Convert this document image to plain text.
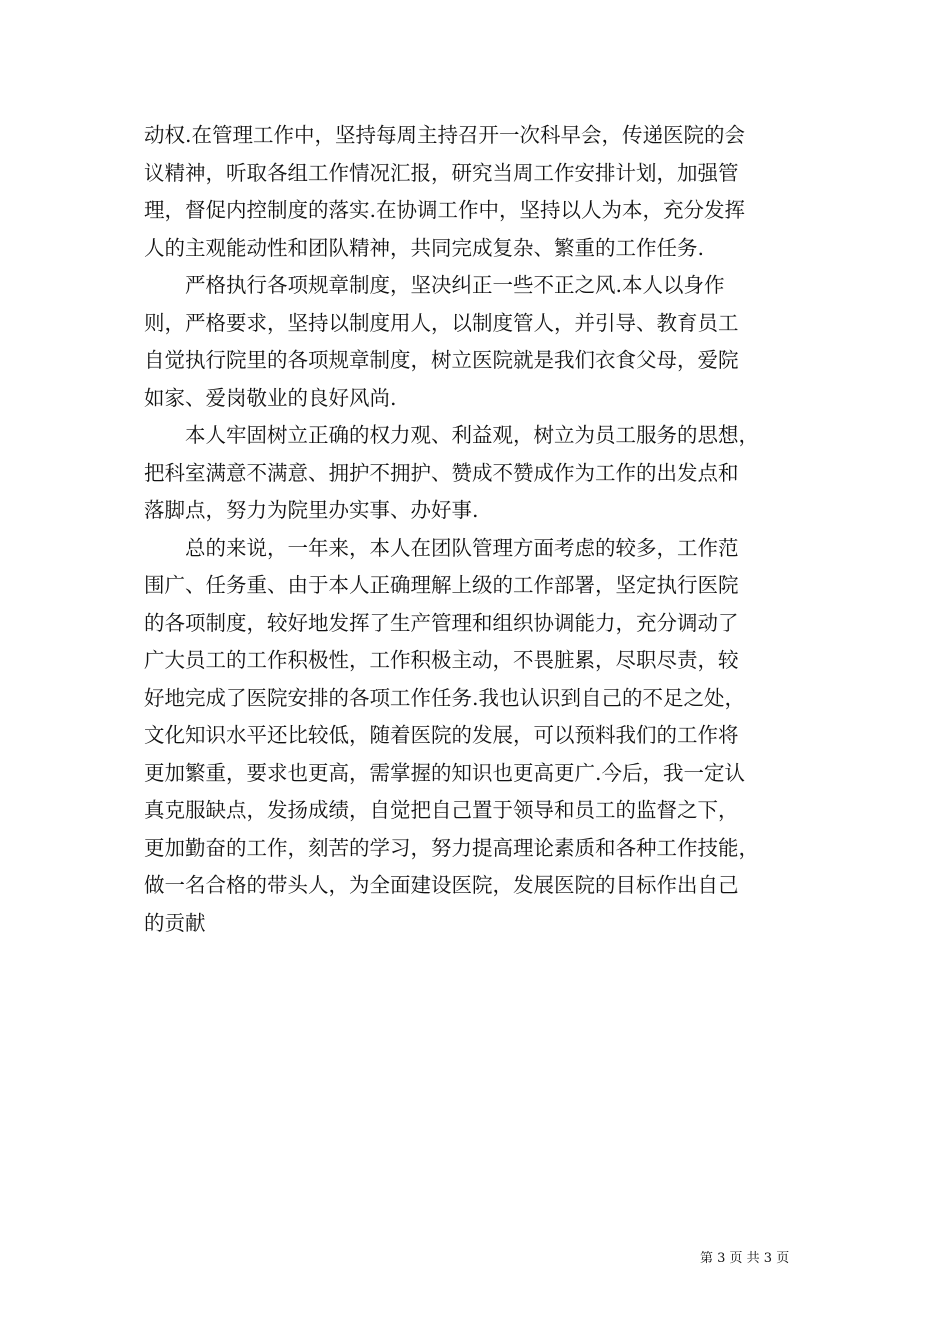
动权.在管理工作中，坚持每周主持召开一次科早会，传递医院的会
议精神，听取各组工作情况汇报，研究当周工作安排计划，加强管
理，督促内控制度的落实.在协调工作中，坚持以人为本，充分发挥
人的主观能动性和团队精神，共同完成复杂、繁重的工作任务.
　　严格执行各项规章制度，坚决纠正一些不正之风.本人以身作
则，严格要求，坚持以制度用人，以制度管人，并引导、教育员工
自觉执行院里的各项规章制度，树立医院就是我们衣食父母，爱院
如家、爱岗敬业的良好风尚.
　　本人牢固树立正确的权力观、利益观，树立为员工服务的思想，
把科室满意不满意、拥护不拥护、赞成不赞成作为工作的出发点和
落脚点，努力为院里办实事、办好事.
　　总的来说，一年来，本人在团队管理方面考虑的较多，工作范
围广、任务重、由于本人正确理解上级的工作部署，坚定执行医院
的各项制度，较好地发挥了生产管理和组织协调能力，充分调动了
广大员工的工作积极性，工作积极主动，不畏脏累，尽职尽责，较
好地完成了医院安排的各项工作任务.我也认识到自己的不足之处，
文化知识水平还比较低，随着医院的发展，可以预料我们的工作将
更加繁重，要求也更高，需掌握的知识也更高更广.今后，我一定认
真克服缺点，发扬成绩，自觉把自己置于领导和员工的监督之下，
更加勤奋的工作，刻苦的学习，努力提高理论素质和各种工作技能，
做一名合格的带头人，为全面建设医院，发展医院的目标作出自己
的贡献
第 3 页 共 3 页
